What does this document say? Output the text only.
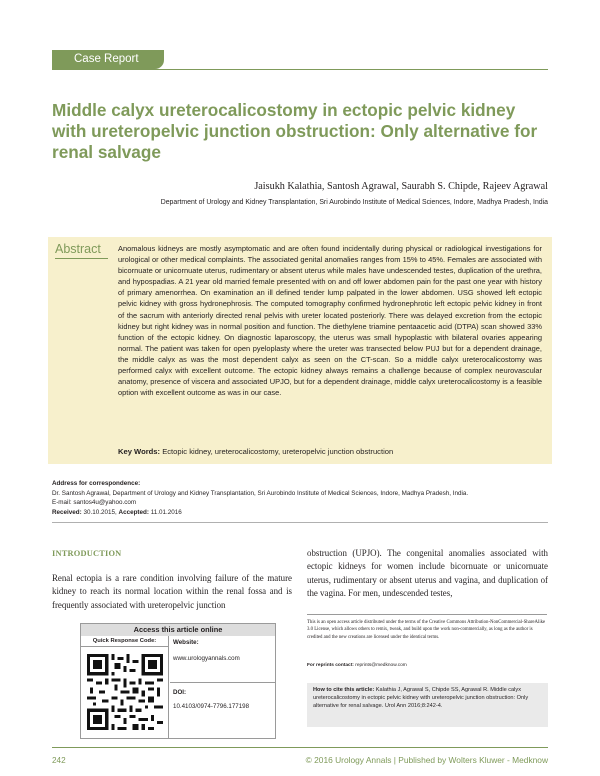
Case Report
Middle calyx ureterocalicostomy in ectopic pelvic kidney with ureteropelvic junction obstruction: Only alternative for renal salvage
Jaisukh Kalathia, Santosh Agrawal, Saurabh S. Chipde, Rajeev Agrawal
Department of Urology and Kidney Transplantation, Sri Aurobindo Institute of Medical Sciences, Indore, Madhya Pradesh, India
Abstract Anomalous kidneys are mostly asymptomatic and are often found incidentally during physical or radiological investigations for urological or other medical complaints. The associated genital anomalies ranges from 15% to 45%. Females are associated with bicornuate or unicornuate uterus, rudimentary or absent uterus while males have undescended testes, duplication of the urethra, and hypospadias. A 21 year old married female presented with on and off lower abdomen pain for the past one year with history of primary amenorrhea. On examination an ill defined tender lump palpated in the lower abdomen. USG showed left ectopic pelvic kidney with gross hydronephrosis. The computed tomography confirmed hydronephrotic left ectopic pelvic kidney in front of the sacrum with anteriorly directed renal pelvis with ureter located posteriorly. There was delayed excretion from the ectopic kidney but right kidney was in normal position and function. The diethylene triamine pentaacetic acid (DTPA) scan showed 33% function of the ectopic kidney. On diagnostic laparoscopy, the uterus was small hypoplastic with bilateral ovaries appearing normal. The patient was taken for open pyeloplasty where the ureter was transected below PUJ but for a dependent drainage, the middle calyx as was the most dependent calyx as seen on the CT-scan. So a middle calyx ureterocalicostomy was performed calyx with excellent outcome. The ectopic kidney always remains a challenge because of complex neurovascular anatomy, presence of viscera and associated UPJO, but for a dependent drainage, middle calyx ureterocalicostomy is a feasible option with excellent outcome as was in our case.

Key Words: Ectopic kidney, ureterocalicostomy, ureteropelvic junction obstruction
Address for correspondence:
Dr. Santosh Agrawal, Department of Urology and Kidney Transplantation, Sri Aurobindo Institute of Medical Sciences, Indore, Madhya Pradesh, India.
E-mail: santos4u@yahoo.com
Received: 30.10.2015, Accepted: 11.01.2016
INTRODUCTION

Renal ectopia is a rare condition involving failure of the mature kidney to reach its normal location within the renal fossa and is frequently associated with ureteropelvic junction

obstruction (UPJO). The congenital anomalies associated with ectopic kidneys for women include bicornuate or unicornuate uterus, rudimentary or absent uterus and vagina, and duplication of the vagina. For men, undescended testes,

Access this article online
Quick Response Code:	Website:
www.urologyannals.com
DOI:
10.4103/0974-7796.177198

This is an open access article distributed under the terms of the Creative Commons Attribution-NonCommercial-ShareAlike 3.0 License, which allows others to remix, tweak, and build upon the work non-commercially, as long as the author is credited and the new creations are licensed under the identical terms.

For reprints contact: reprints@medknow.com
How to cite this article: Kalathia J, Agrawal S, Chipde SS, Agrawal R. Middle calyx ureterocalicostomy in ectopic pelvic kidney with ureteropelvic junction obstruction: Only alternative for renal salvage. Urol Ann 2016;8:242-4.
242	© 2016 Urology Annals | Published by Wolters Kluwer - Medknow
